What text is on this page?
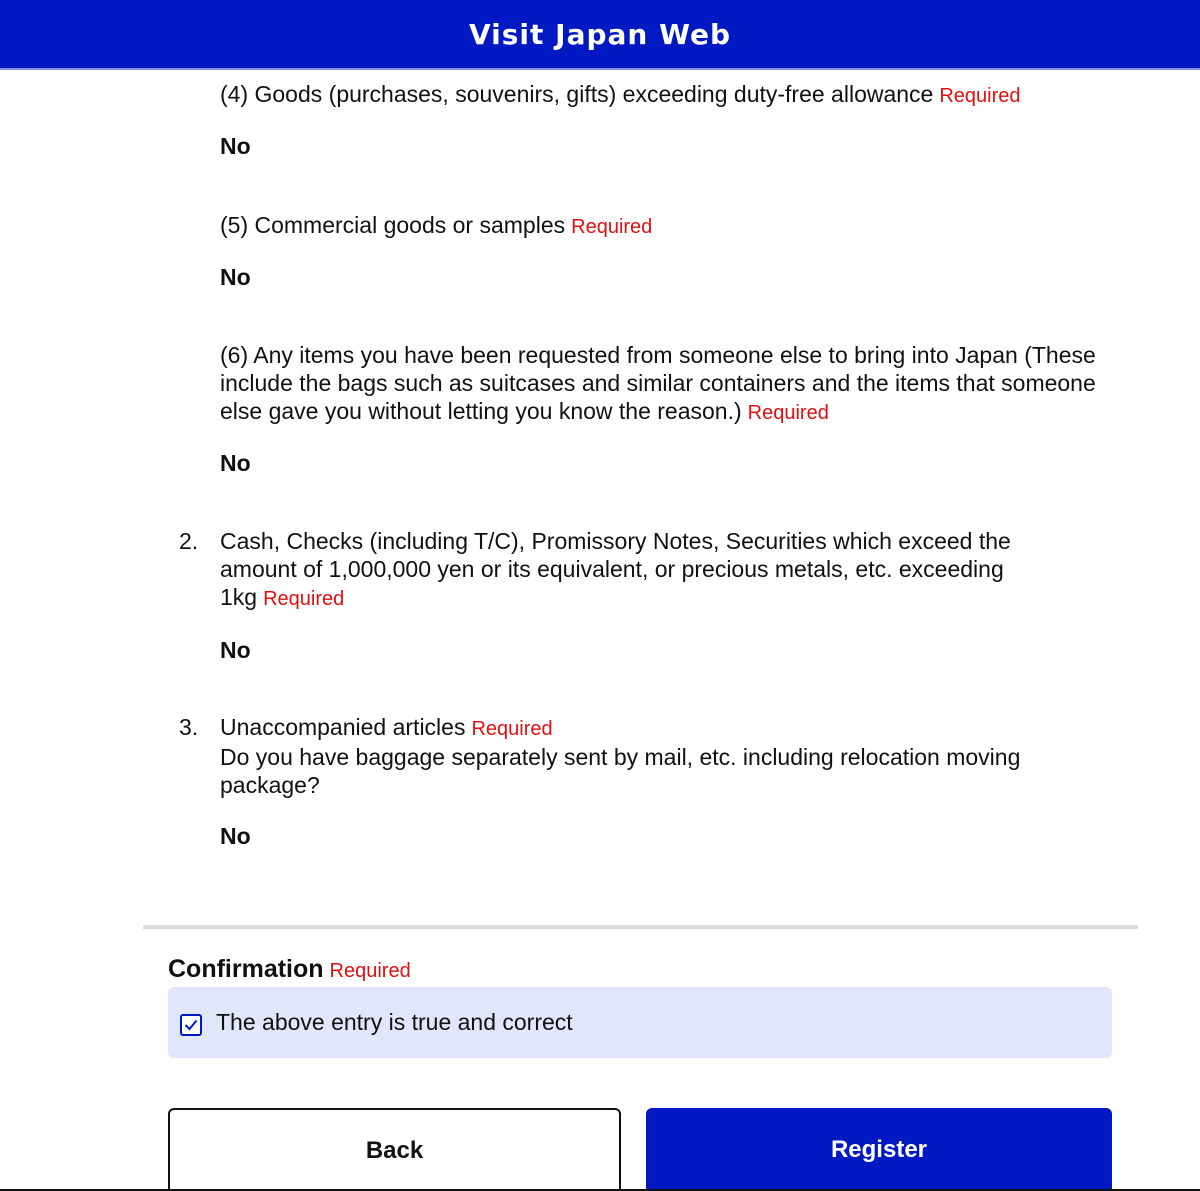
Visit Japan Web
(4) Goods (purchases, souvenirs, gifts) exceeding duty-free allowance Required
No
(5) Commercial goods or samples Required
No
(6) Any items you have been requested from someone else to bring into Japan (These include the bags such as suitcases and similar containers and the items that someone else gave you without letting you know the reason.) Required
No
2. Cash, Checks (including T/C), Promissory Notes, Securities which exceed the amount of 1,000,000 yen or its equivalent, or precious metals, etc. exceeding 1kg Required
No
3. Unaccompanied articles Required
Do you have baggage separately sent by mail, etc. including relocation moving package?
No
Confirmation Required
The above entry is true and correct
Back	Register
